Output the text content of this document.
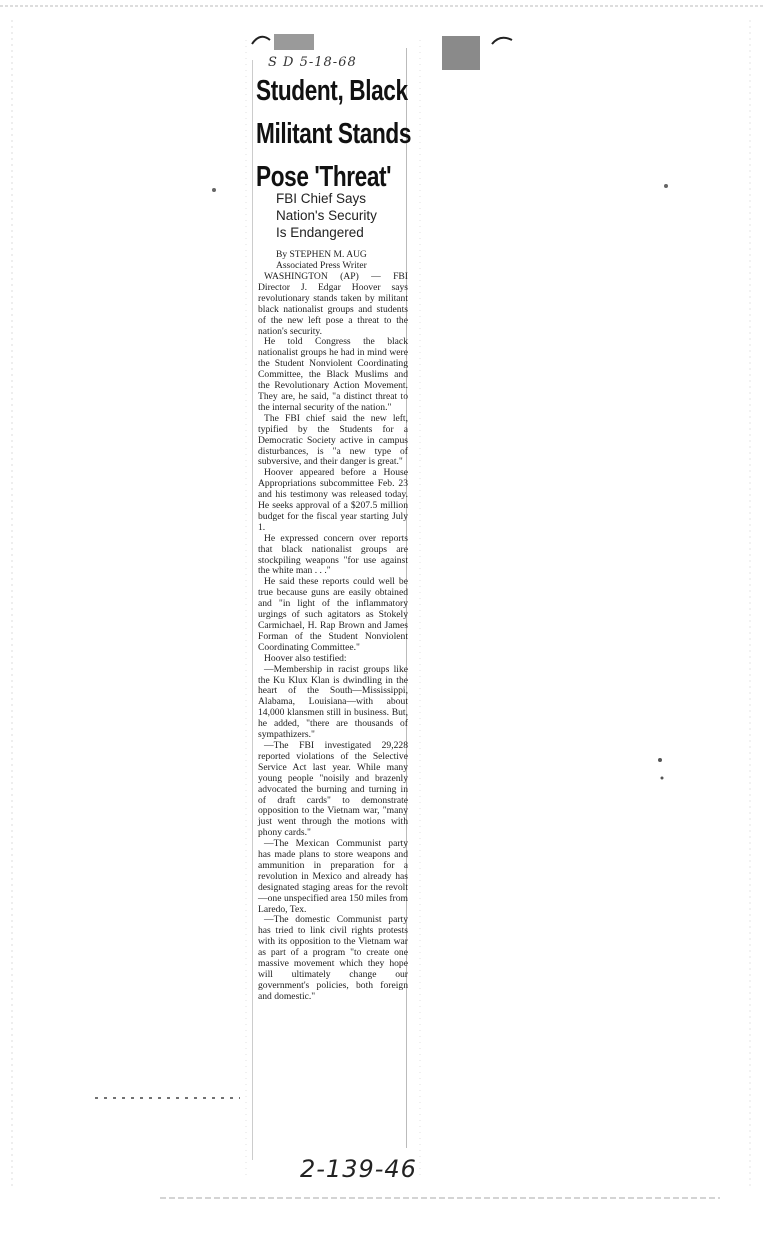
S D 5-18-68
Student, Black
Militant Stands
Pose 'Threat'
FBI Chief Says
Nation's Security
Is Endangered
By STEPHEN M. AUG
Associated Press Writer

WASHINGTON (AP) — FBI Director J. Edgar Hoover says revolutionary stands taken by militant black nationalist groups and students of the new left pose a threat to the nation's security.

He told Congress the black nationalist groups he had in mind were the Student Nonviolent Coordinating Committee, the Black Muslims and the Revolutionary Action Movement. They are, he said, "a distinct threat to the internal security of the nation."

The FBI chief said the new left, typified by the Students for a Democratic Society active in campus disturbances, is "a new type of subversive, and their danger is great."

Hoover appeared before a House Appropriations subcommittee Feb. 23 and his testimony was released today. He seeks approval of a $207.5 million budget for the fiscal year starting July 1.

He expressed concern over reports that black nationalist groups are stockpiling weapons "for use against the white man . . ."

He said these reports could well be true because guns are easily obtained and "in light of the inflammatory urgings of such agitators as Stokely Carmichael, H. Rap Brown and James Forman of the Student Nonviolent Coordinating Committee."

Hoover also testified:

—Membership in racist groups like the Ku Klux Klan is dwindling in the heart of the South—Mississippi, Alabama, Louisiana—with about 14,000 klansmen still in business. But, he added, "there are thousands of sympathizers."

—The FBI investigated 29,228 reported violations of the Selective Service Act last year. While many young people "noisily and brazenly advocated the burning and turning in of draft cards" to demonstrate opposition to the Vietnam war, "many just went through the motions with phony cards."

—The Mexican Communist party has made plans to store weapons and ammunition in preparation for a revolution in Mexico and already has designated staging areas for the revolt—one unspecified area 150 miles from Laredo, Tex.

—The domestic Communist party has tried to link civil rights protests with its opposition to the Vietnam war as part of a program "to create one massive movement which they hope will ultimately change our government's policies, both foreign and domestic."

2-139-46
